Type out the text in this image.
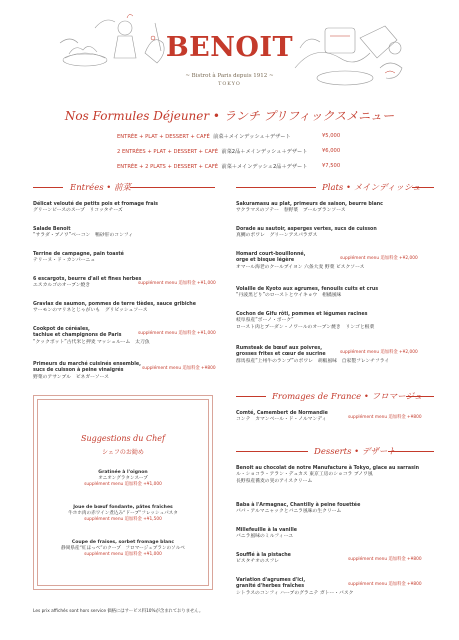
BENOIT
~ Bistrot à Paris depuis 1912 ~
TOKYO
Nos Formules Déjeuner • ランチ プリフィックスメニュー
ENTRÉE + PLAT + DESSERT + CAFÉ 前菜＋メインデッシュ＋デザート	¥5,000
2 ENTRÉES + PLAT + DESSERT + CAFÉ 前菜2品＋メインデッシュ＋デザート	¥6,000
ENTRÉE + 2 PLATS + DESSERT + CAFÉ 前菜＋メインデッシュ2品＋デザート	¥7,500
Entrées • 前菜
Délicat velouté de petits pois et fromage frais
グリーンピースのスープ　リコッタチーズ
Salade Benoit
“サラダ・ブノワ”ベーコン　鴨砂肝のコンフィ
Terrine de campagne, pain toasté
テリーヌ・ド・カンパーニュ
6 escargots, beurre d'ail et fines herbes
エスカルゴのオーブン焼き	supplément menu 追加料金 +¥1,000
Gravlax de saumon, pommes de terre tièdes, sauce gribiche
サーモンのマリネとじゃがいも　グリビッシュソース
Cookpot de céréales,
tachiue et champignons de Paris
“クックポット”古代米と押麦 マッシュルーム　太刀魚
supplément menu 追加料金 +¥1,000
Primeurs du marché cuisinés ensemble,
sucs de cuisson à peine vinaigrés
野菜のアサンブル　ビネガーソース
supplément menu 追加料金 +¥800
Suggestions du Chef
シェフのお勧め
Gratinée à l'oignon
オニオングラタンスープ
supplément menu 追加料金 +¥1,000
Joue de bœuf fondante, pâtes fraîches
牛ホホ肉の赤ワイン煮込み“ドーブ”フレッシュパスタ
supplément menu 追加料金 +¥1,500
Coupe de fraises, sorbet fromage blanc
静岡県産“紅ほっぺ”のクープ　フロマージュブランのソルベ
supplément menu 追加料金 +¥1,000
Plats • メインディッシュ
Sakuramasu au plat, primeurs de saison, beurre blanc
サクラマスのソテー　春野菜　ブールブランソース
Dorade au sautoir, asperges vertes, sucs de cuisson
真鯛のポワレ　グリーンアスパラガス
Homard court-bouillonné,
orge et bisque légère
オマール海老のクールブイヨン 六条大麦 野菜 ビスクソース
supplément menu 追加料金 +¥2,000
Volaille de Kyoto aux agrumes, fenouils cuits et crus
“丹波黒どり”のローストとウイキョウ　柑橘風味
Cochon de Gifu rôti, pommes et légumes racines
岐阜県産“ボーノ・ポーク”
ロースト肉とブーダン・ノワールのオーブン焼き　リンゴと根菜
Rumsteak de bœuf aux poivres,
grosses frites et cœur de sucrine
群馬県産“上州牛のランプ”のポワレ　胡椒風味　自家製フレンチフライ
supplément menu 追加料金 +¥2,000
Fromages de France • フロマージュ
Comté, Camembert de Normandie
コンテ　カマンベール・ド・ノルマンディ	supplément menu 追加料金 +¥800
Desserts • デザート
Benoit au chocolat de notre Manufacture à Tokyo, glace au sarrasin
ル・ショコラ・アラン・デュカス 東京工房のショコラ ブノワ風
長野県産蕎麦の実のアイスクリーム
Baba à l'Armagnac, Chantilly à peine fouettée
ババ・アルマニャックとバニラ風味の生クリーム
Millefeuille à la vanille
バニラ風味のミルフィーユ
Soufflé à la pistache
ピスタチオのスフレ	supplément menu 追加料金 +¥800
Variation d'agrumes d'ici,
granité d'herbes fraîches
シトラスのコンフィ ハーブのグラニテ ガトー・バスク
supplément menu 追加料金 +¥800
Les prix affichés sont hors service 価格にはサービス料10%が含まれておりません。
